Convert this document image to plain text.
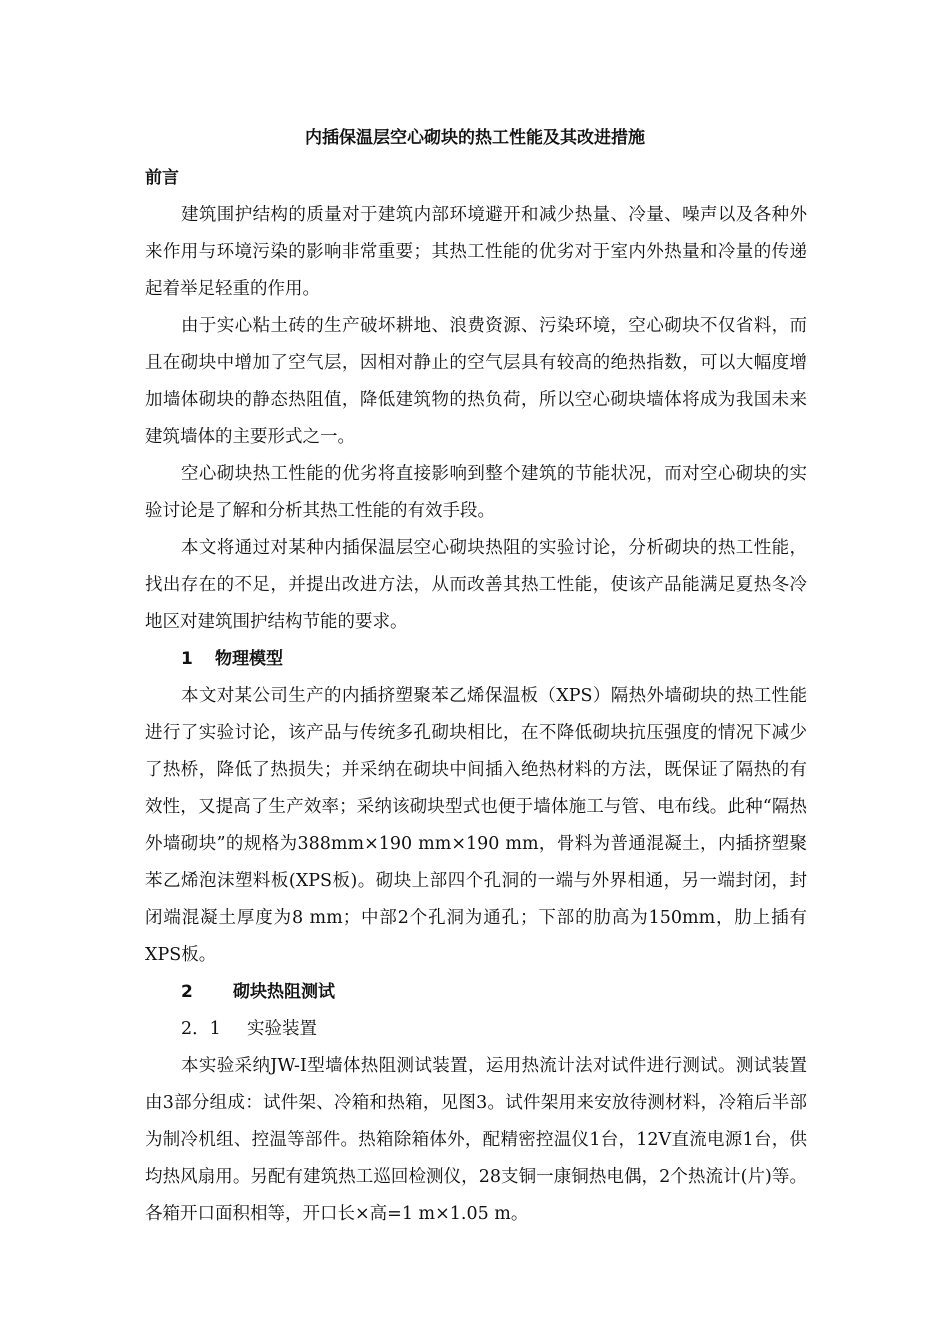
内插保温层空心砌块的热工性能及其改进措施
前言

建筑围护结构的质量对于建筑内部环境避开和减少热量、冷量、噪声以及各种外来作用与环境污染的影响非常重要；其热工性能的优劣对于室内外热量和冷量的传递起着举足轻重的作用。

由于实心粘土砖的生产破坏耕地、浪费资源、污染环境，空心砌块不仅省料，而且在砌块中增加了空气层，因相对静止的空气层具有较高的绝热指数，可以大幅度增加墙体砌块的静态热阻值，降低建筑物的热负荷，所以空心砌块墙体将成为我国未来建筑墙体的主要形式之一。

空心砌块热工性能的优劣将直接影响到整个建筑的节能状况，而对空心砌块的实验讨论是了解和分析其热工性能的有效手段。

本文将通过对某种内插保温层空心砌块热阻的实验讨论，分析砌块的热工性能，找出存在的不足，并提出改进方法，从而改善其热工性能，使该产品能满足夏热冬冷地区对建筑围护结构节能的要求。

1 物理模型

本文对某公司生产的内插挤塑聚苯乙烯保温板（XPS）隔热外墙砌块的热工性能进行了实验讨论，该产品与传统多孔砌块相比，在不降低砌块抗压强度的情况下减少了热桥，降低了热损失；并采纳在砌块中间插入绝热材料的方法，既保证了隔热的有效性，又提高了生产效率；采纳该砌块型式也便于墙体施工与管、电布线。此种“隔热外墙砌块”的规格为388mm×190 mm×190 mm，骨料为普通混凝土，内插挤塑聚苯乙烯泡沫塑料板(XPS板)。砌块上部四个孔洞的一端与外界相通，另一端封闭，封闭端混凝土厚度为8 mm；中部2个孔洞为通孔；下部的肋高为150mm，肋上插有XPS板。

2 砌块热阻测试
2．1 实验装置

本实验采纳JW-I型墙体热阻测试装置，运用热流计法对试件进行测试。测试装置由3部分组成：试件架、冷箱和热箱，见图3。试件架用来安放待测材料，冷箱后半部为制冷机组、控温等部件。热箱除箱体外，配精密控温仪1台，12V直流电源1台，供均热风扇用。另配有建筑热工巡回检测仪，28支铜一康铜热电偶，2个热流计(片)等。各箱开口面积相等，开口长×高=1 m×1.05 m。
